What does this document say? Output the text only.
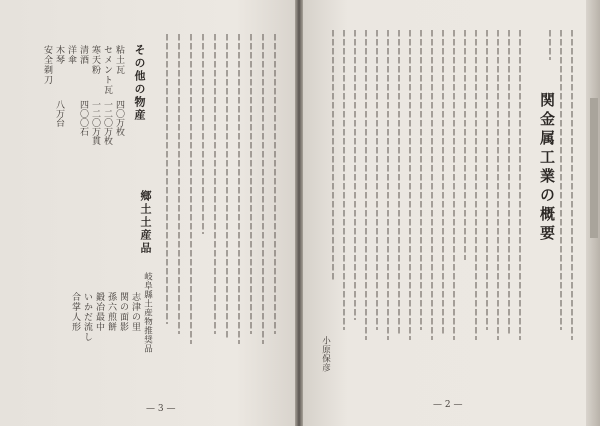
鄉土土産品
岐阜縣土産物推奨品
志津の里
関の面影
孫六煎餅
鍛冶最中
いかだ流し
合掌人形
その他の物産
粘土瓦
四〇万枚
セメント瓦
一二〇万枚
寒天粉
一二〇万貫
清酒
四〇〇石
洋傘
木琴
八万台
安全剃刀
— 3 —
関金属工業の概要
小原保彦
— 2 —
